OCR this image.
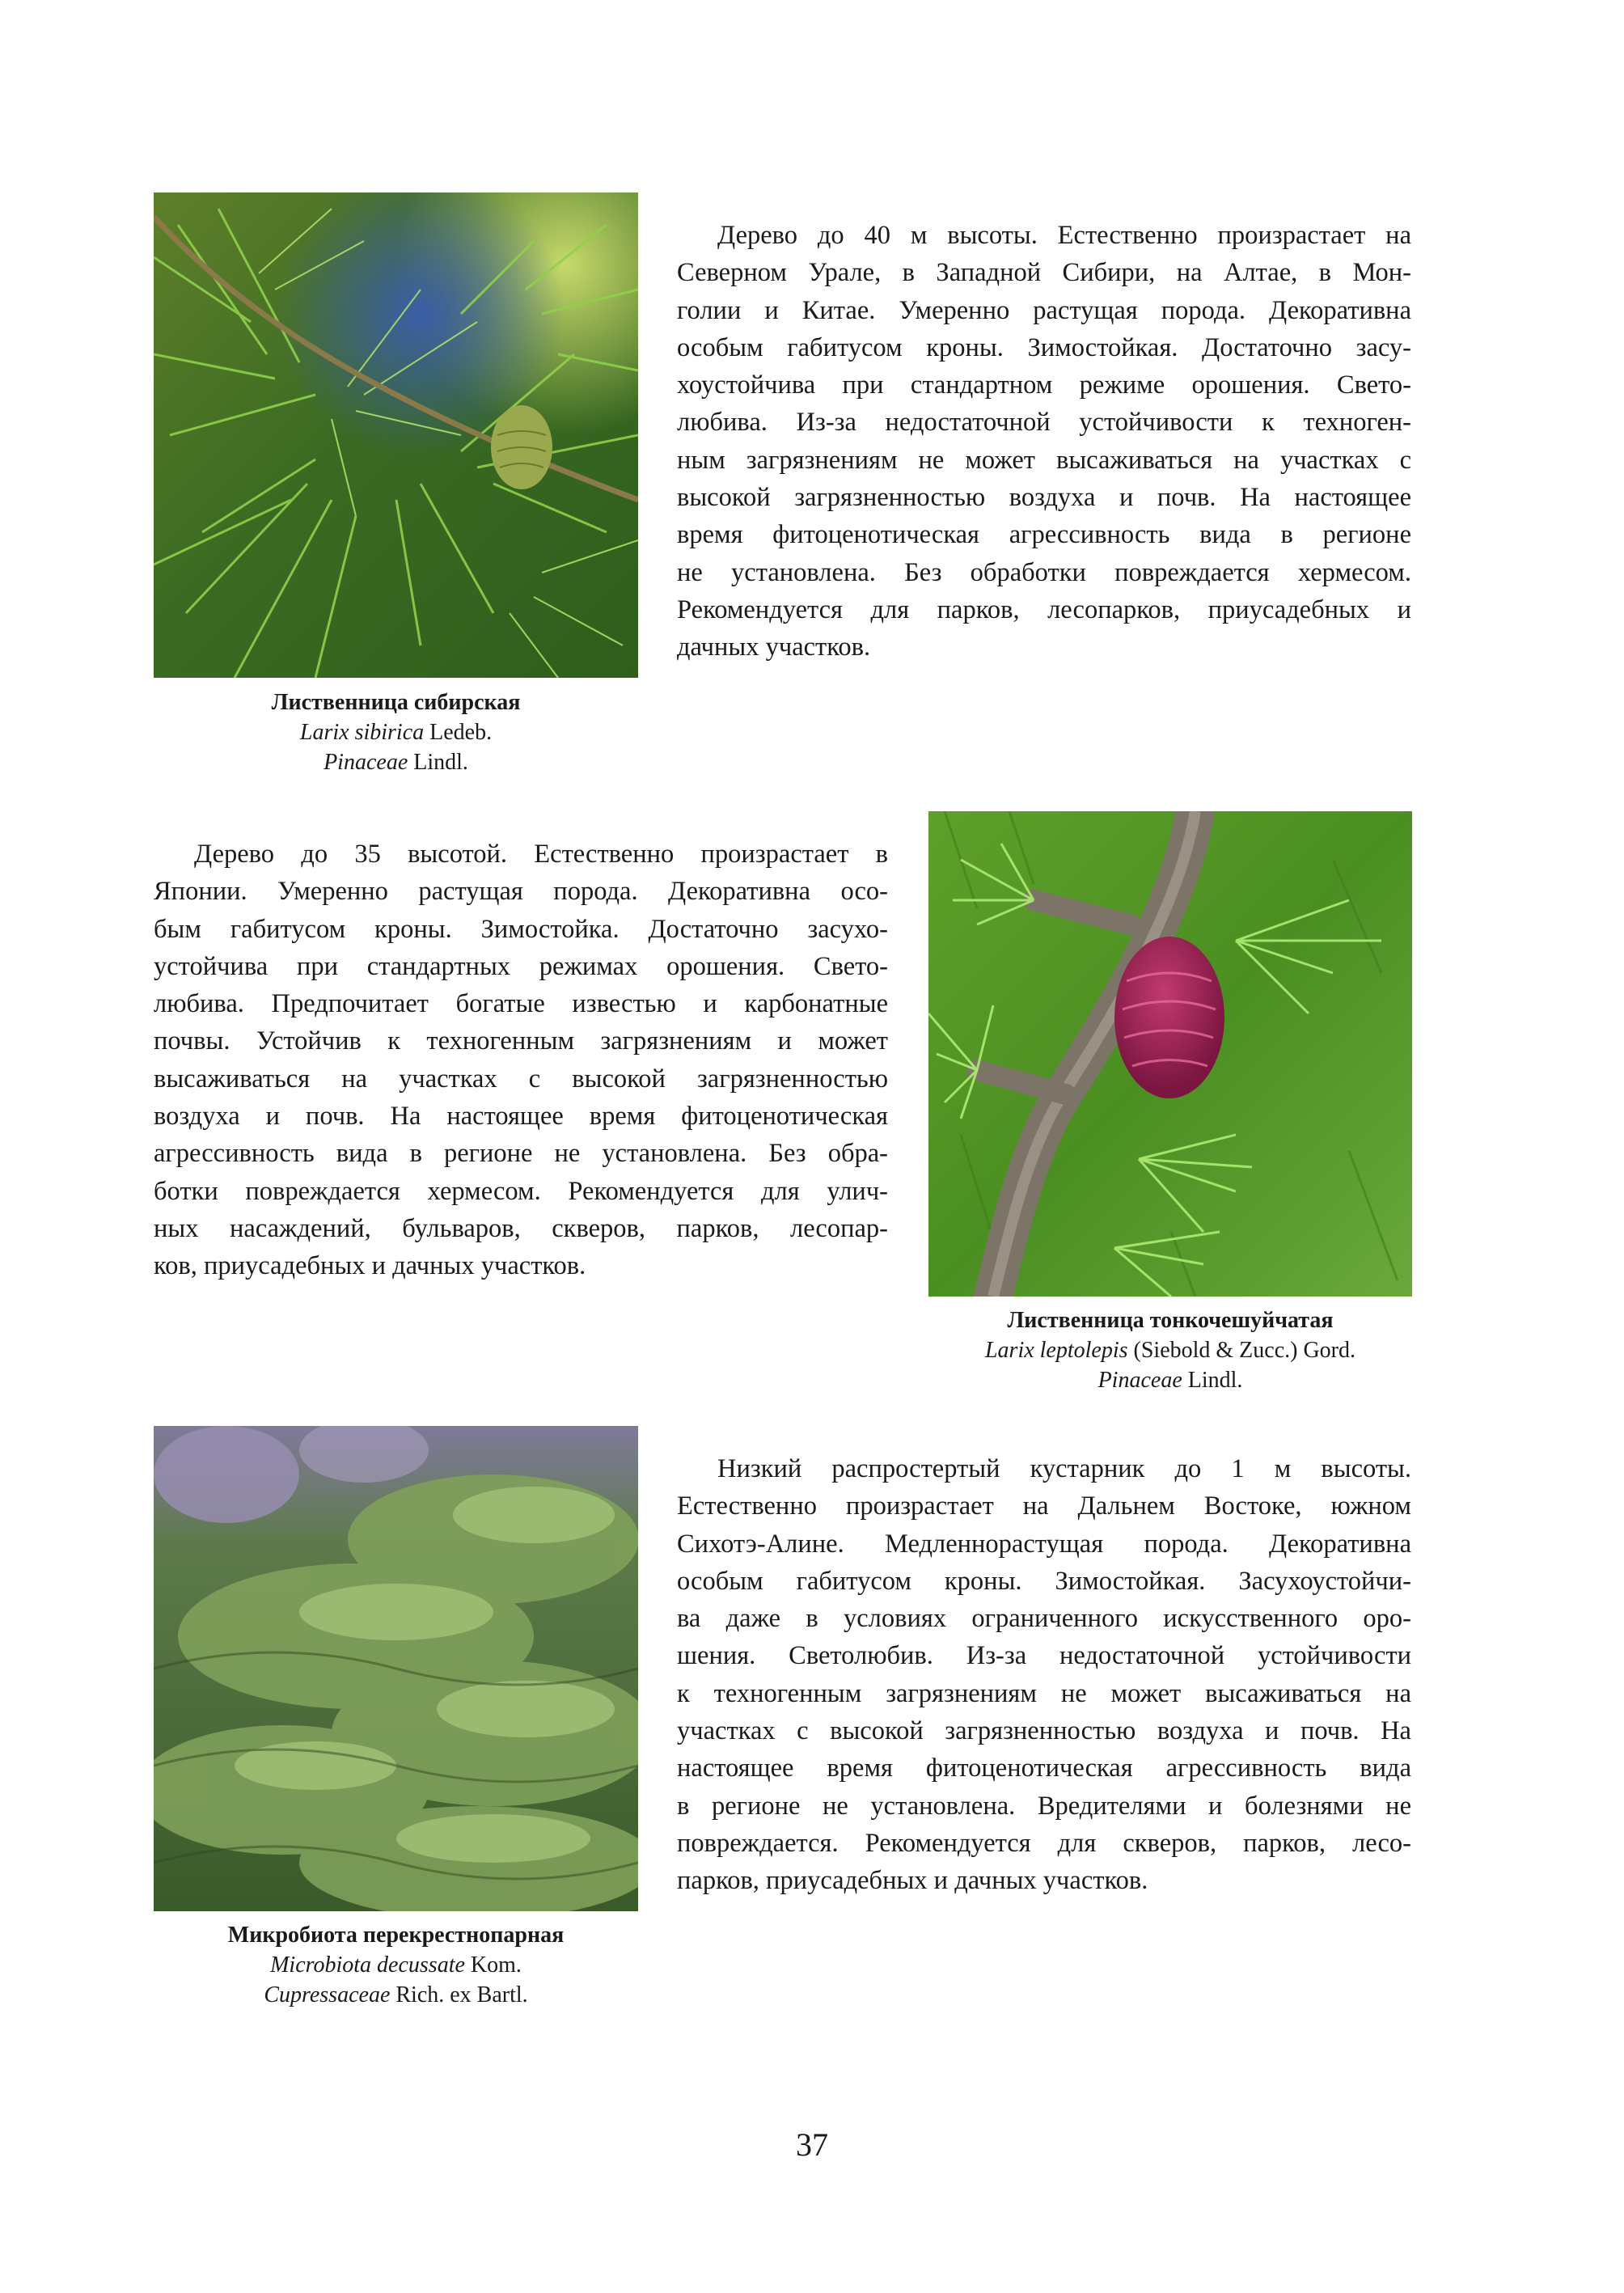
Лиственница сибирская
Larix sibirica Ledeb.
Pinaceae Lindl.
Дерево до 40 м высоты. Естественно произрастает на
Северном Урале, в Западной Сибири, на Алтае, в Мон-
голии и Китае. Умеренно растущая порода. Декоративна
особым габитусом кроны. Зимостойкая. Достаточно засу-
хоустойчива при стандартном режиме орошения. Свето-
любива. Из-за недостаточной устойчивости к техноген-
ным загрязнениям не может высаживаться на участках с
высокой загрязненностью воздуха и почв. На настоящее
время фитоценотическая агрессивность вида в регионе
не установлена. Без обработки повреждается хермесом.
Рекомендуется для парков, лесопарков, приусадебных и
дачных участков.
Дерево до 35 высотой. Естественно произрастает в
Японии. Умеренно растущая порода. Декоративна осо-
бым габитусом кроны. Зимостойка. Достаточно засухо-
устойчива при стандартных режимах орошения. Свето-
любива. Предпочитает богатые известью и карбонатные
почвы. Устойчив к техногенным загрязнениям и может
высаживаться на участках с высокой загрязненностью
воздуха и почв. На настоящее время фитоценотическая
агрессивность вида в регионе не установлена. Без обра-
ботки повреждается хермесом. Рекомендуется для улич-
ных насаждений, бульваров, скверов, парков, лесопар-
ков, приусадебных и дачных участков.
Лиственница тонкочешуйчатая
Larix leptolepis (Siebold & Zucc.) Gord.
Pinaceae Lindl.
Микробиота перекрестнопарная
Microbiota decussate Kom.
Cupressaceae Rich. ex Bartl.
Низкий распростертый кустарник до 1 м высоты.
Естественно произрастает на Дальнем Востоке, южном
Сихотэ-Алине. Медленнорастущая порода. Декоративна
особым габитусом кроны. Зимостойкая. Засухоустойчи-
ва даже в условиях ограниченного искусственного оро-
шения. Светолюбив. Из-за недостаточной устойчивости
к техногенным загрязнениям не может высаживаться на
участках с высокой загрязненностью воздуха и почв. На
настоящее время фитоценотическая агрессивность вида
в регионе не установлена. Вредителями и болезнями не
повреждается. Рекомендуется для скверов, парков, лесо-
парков, приусадебных и дачных участков.
37
